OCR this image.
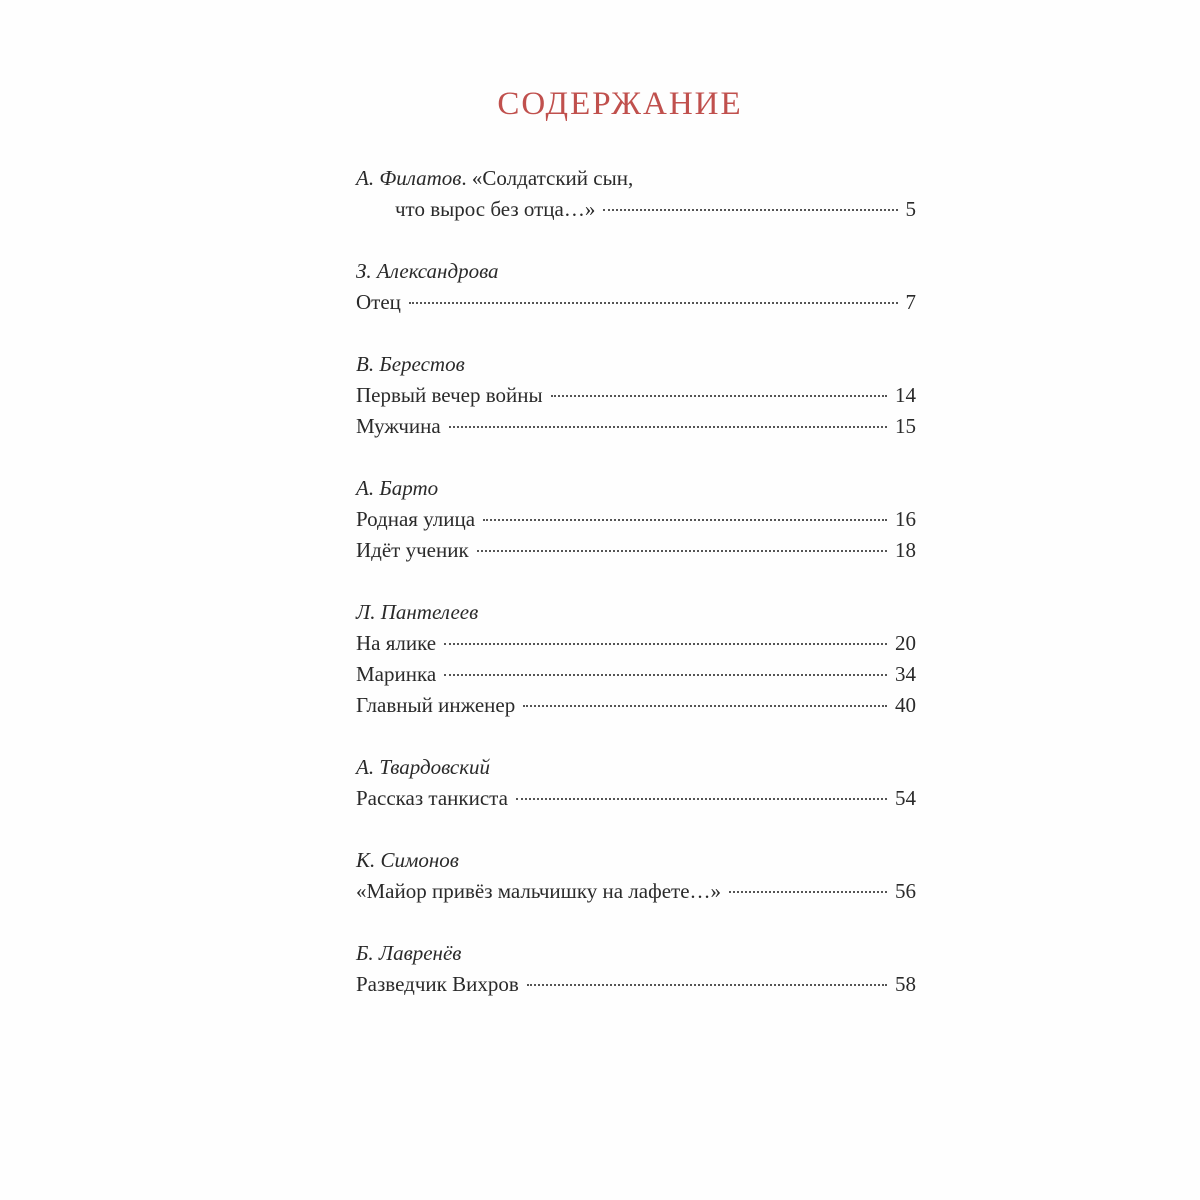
СОДЕРЖАНИЕ
А. Филатов. «Солдатский сын,
что вырос без отца…»	5
З. Александрова
Отец	7
В. Берестов
Первый вечер войны	14
Мужчина	15
А. Барто
Родная улица	16
Идёт ученик	18
Л. Пантелеев
На ялике	20
Маринка	34
Главный инженер	40
А. Твардовский
Рассказ танкиста	54
К. Симонов
«Майор привёз мальчишку на лафете…»	56
Б. Лавренёв
Разведчик Вихров	58
